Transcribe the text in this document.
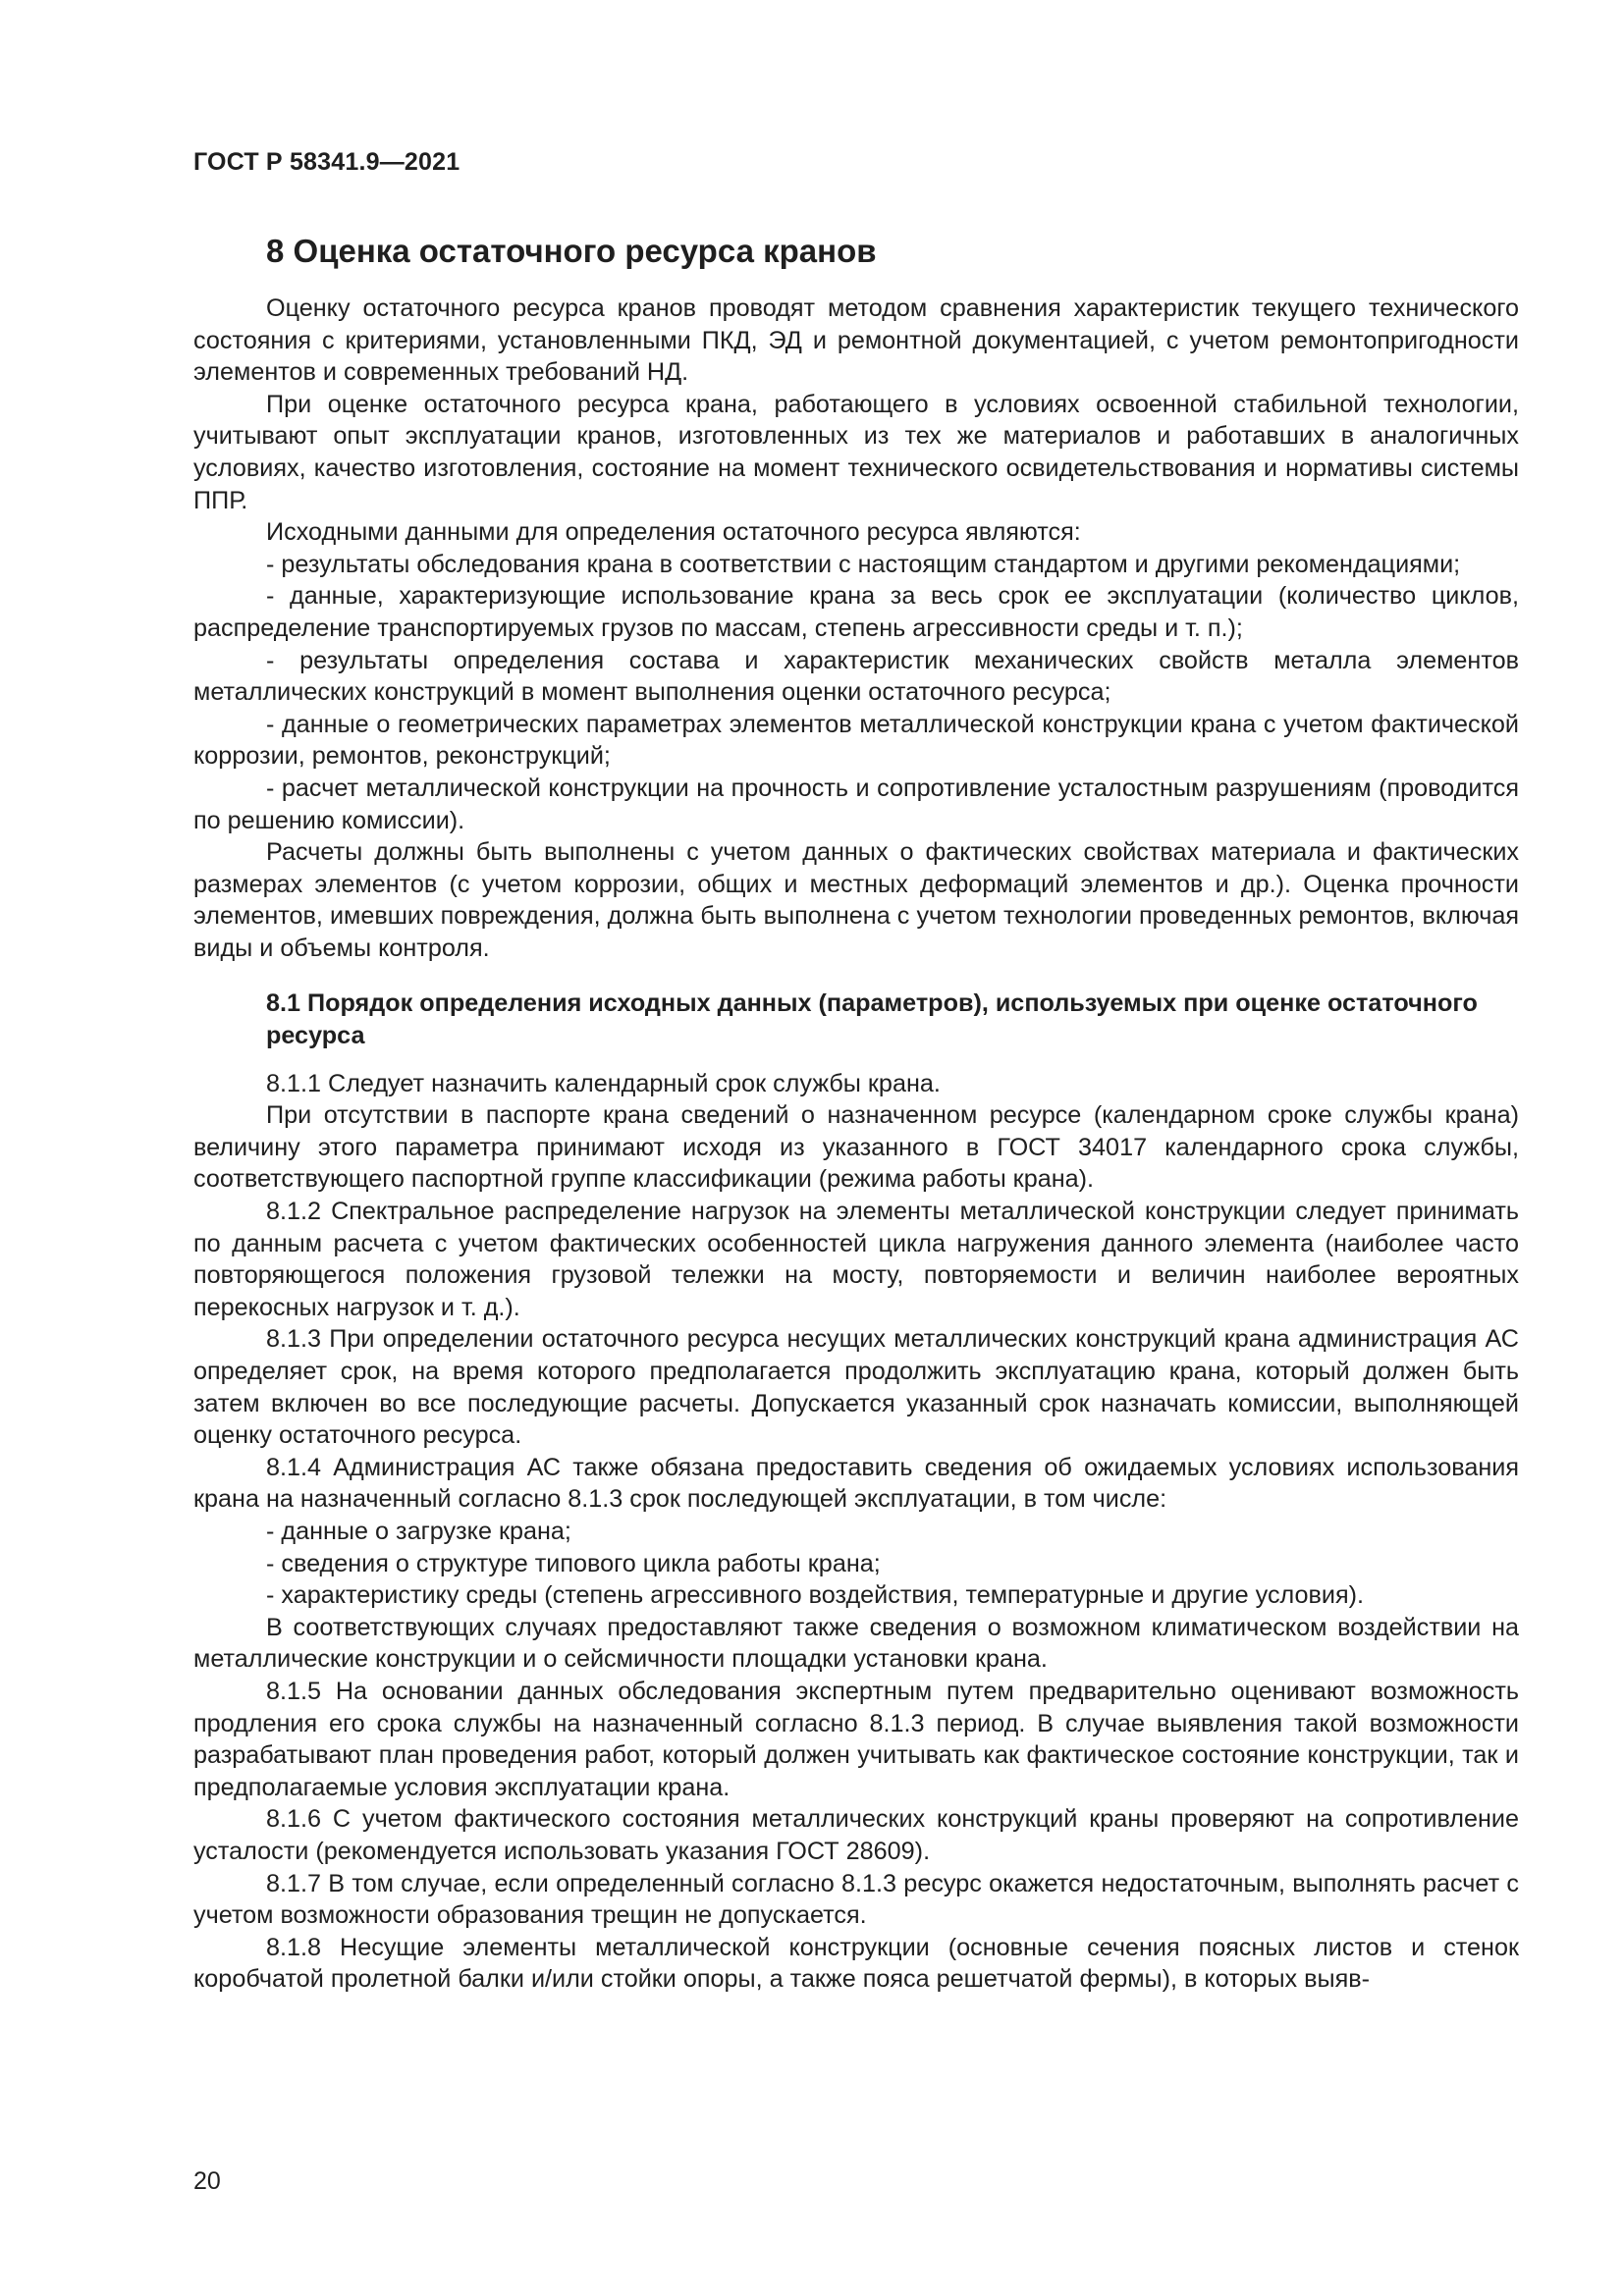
ГОСТ Р 58341.9—2021
8 Оценка остаточного ресурса кранов

Оценку остаточного ресурса кранов проводят методом сравнения характеристик текущего технического состояния с критериями, установленными ПКД, ЭД и ремонтной документацией, с учетом ремонтопригодности элементов и современных требований НД.

При оценке остаточного ресурса крана, работающего в условиях освоенной стабильной технологии, учитывают опыт эксплуатации кранов, изготовленных из тех же материалов и работавших в аналогичных условиях, качество изготовления, состояние на момент технического освидетельствования и нормативы системы ППР.

Исходными данными для определения остаточного ресурса являются:

- результаты обследования крана в соответствии с настоящим стандартом и другими рекомендациями;

- данные, характеризующие использование крана за весь срок ее эксплуатации (количество циклов, распределение транспортируемых грузов по массам, степень агрессивности среды и т. п.);

- результаты определения состава и характеристик механических свойств металла элементов металлических конструкций в момент выполнения оценки остаточного ресурса;

- данные о геометрических параметрах элементов металлической конструкции крана с учетом фактической коррозии, ремонтов, реконструкций;

- расчет металлической конструкции на прочность и сопротивление усталостным разрушениям (проводится по решению комиссии).

Расчеты должны быть выполнены с учетом данных о фактических свойствах материала и фактических размерах элементов (с учетом коррозии, общих и местных деформаций элементов и др.). Оценка прочности элементов, имевших повреждения, должна быть выполнена с учетом технологии проведенных ремонтов, включая виды и объемы контроля.

8.1 Порядок определения исходных данных (параметров), используемых при оценке остаточного ресурса

8.1.1 Следует назначить календарный срок службы крана.

При отсутствии в паспорте крана сведений о назначенном ресурсе (календарном сроке службы крана) величину этого параметра принимают исходя из указанного в ГОСТ 34017 календарного срока службы, соответствующего паспортной группе классификации (режима работы крана).

8.1.2 Спектральное распределение нагрузок на элементы металлической конструкции следует принимать по данным расчета с учетом фактических особенностей цикла нагружения данного элемента (наиболее часто повторяющегося положения грузовой тележки на мосту, повторяемости и величин наиболее вероятных перекосных нагрузок и т. д.).

8.1.3 При определении остаточного ресурса несущих металлических конструкций крана администрация АС определяет срок, на время которого предполагается продолжить эксплуатацию крана, который должен быть затем включен во все последующие расчеты. Допускается указанный срок назначать комиссии, выполняющей оценку остаточного ресурса.

8.1.4 Администрация АС также обязана предоставить сведения об ожидаемых условиях использования крана на назначенный согласно 8.1.3 срок последующей эксплуатации, в том числе:

- данные о загрузке крана;

- сведения о структуре типового цикла работы крана;

- характеристику среды (степень агрессивного воздействия, температурные и другие условия).

В соответствующих случаях предоставляют также сведения о возможном климатическом воздействии на металлические конструкции и о сейсмичности площадки установки крана.

8.1.5 На основании данных обследования экспертным путем предварительно оценивают возможность продления его срока службы на назначенный согласно 8.1.3 период. В случае выявления такой возможности разрабатывают план проведения работ, который должен учитывать как фактическое состояние конструкции, так и предполагаемые условия эксплуатации крана.

8.1.6 С учетом фактического состояния металлических конструкций краны проверяют на сопротивление усталости (рекомендуется использовать указания ГОСТ 28609).

8.1.7 В том случае, если определенный согласно 8.1.3 ресурс окажется недостаточным, выполнять расчет с учетом возможности образования трещин не допускается.

8.1.8 Несущие элементы металлической конструкции (основные сечения поясных листов и стенок коробчатой пролетной балки и/или стойки опоры, а также пояса решетчатой фермы), в которых выяв-

20
